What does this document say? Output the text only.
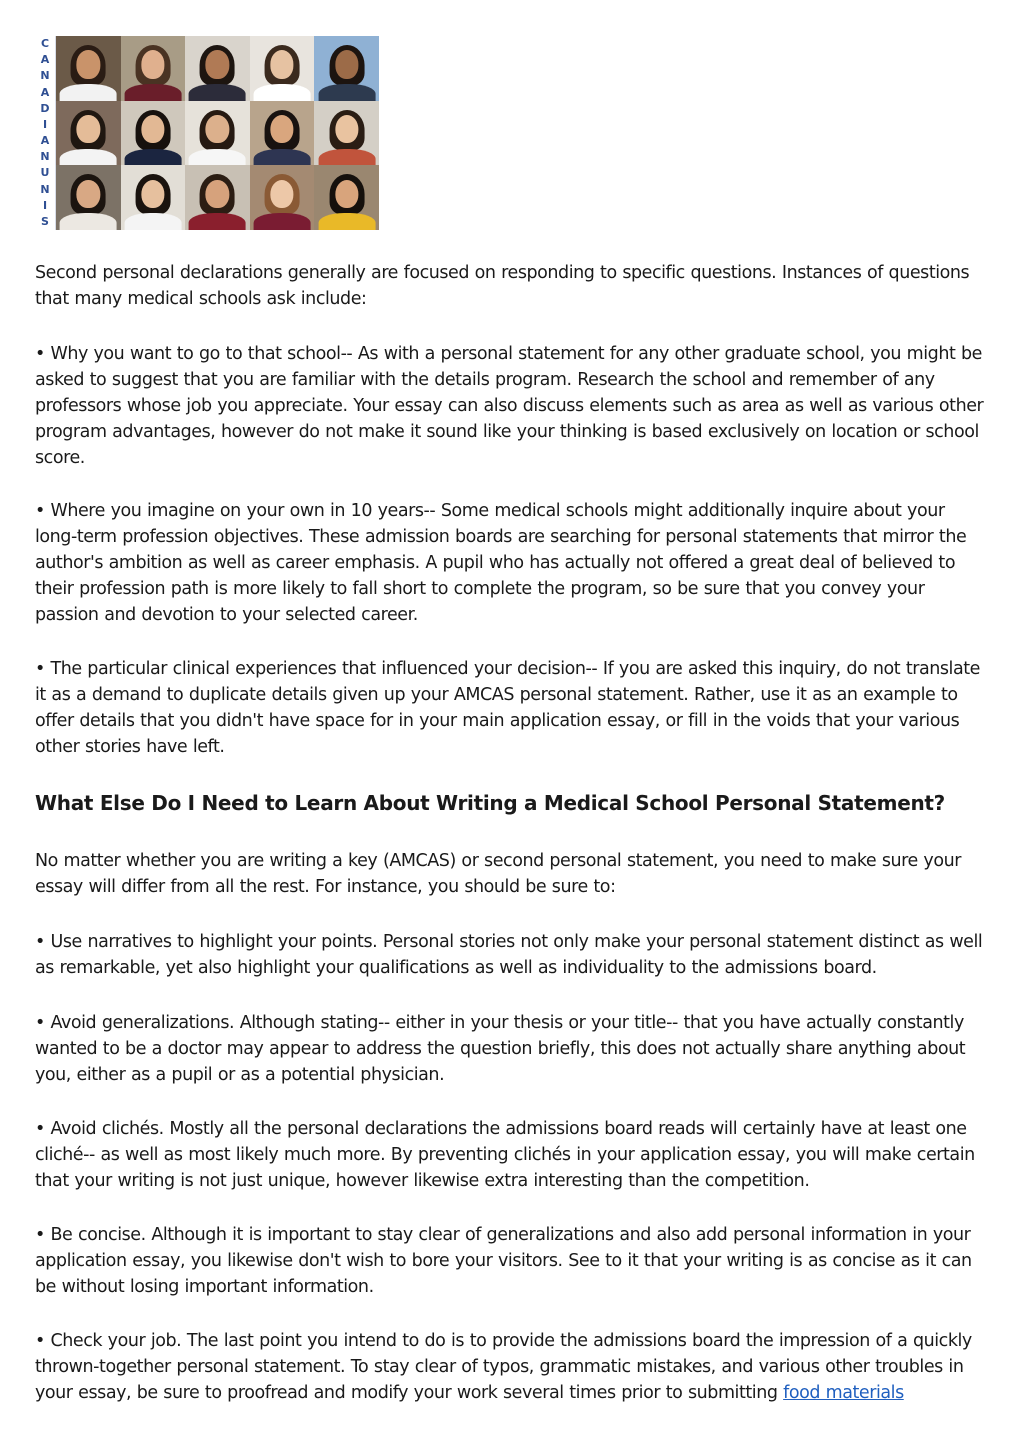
C
A
N
A
D
I
A
N
U
N
I
S

Second personal declarations generally are focused on responding to specific questions. Instances of questions that many medical schools ask include:

• Why you want to go to that school-- As with a personal statement for any other graduate school, you might be asked to suggest that you are familiar with the details program. Research the school and remember of any professors whose job you appreciate. Your essay can also discuss elements such as area as well as various other program advantages, however do not make it sound like your thinking is based exclusively on location or school score.

• Where you imagine on your own in 10 years-- Some medical schools might additionally inquire about your long-term profession objectives. These admission boards are searching for personal statements that mirror the author's ambition as well as career emphasis. A pupil who has actually not offered a great deal of believed to their profession path is more likely to fall short to complete the program, so be sure that you convey your passion and devotion to your selected career.

• The particular clinical experiences that influenced your decision-- If you are asked this inquiry, do not translate it as a demand to duplicate details given up your AMCAS personal statement. Rather, use it as an example to offer details that you didn't have space for in your main application essay, or fill in the voids that your various other stories have left.

What Else Do I Need to Learn About Writing a Medical School Personal Statement?

No matter whether you are writing a key (AMCAS) or second personal statement, you need to make sure your essay will differ from all the rest. For instance, you should be sure to:

• Use narratives to highlight your points. Personal stories not only make your personal statement distinct as well as remarkable, yet also highlight your qualifications as well as individuality to the admissions board.

• Avoid generalizations. Although stating-- either in your thesis or your title-- that you have actually constantly wanted to be a doctor may appear to address the question briefly, this does not actually share anything about you, either as a pupil or as a potential physician.

• Avoid clichés. Mostly all the personal declarations the admissions board reads will certainly have at least one cliché-- as well as most likely much more. By preventing clichés in your application essay, you will make certain that your writing is not just unique, however likewise extra interesting than the competition.

• Be concise. Although it is important to stay clear of generalizations and also add personal information in your application essay, you likewise don't wish to bore your visitors. See to it that your writing is as concise as it can be without losing important information.

• Check your job. The last point you intend to do is to provide the admissions board the impression of a quickly thrown-together personal statement. To stay clear of typos, grammatic mistakes, and various other troubles in your essay, be sure to proofread and modify your work several times prior to submitting food materials
